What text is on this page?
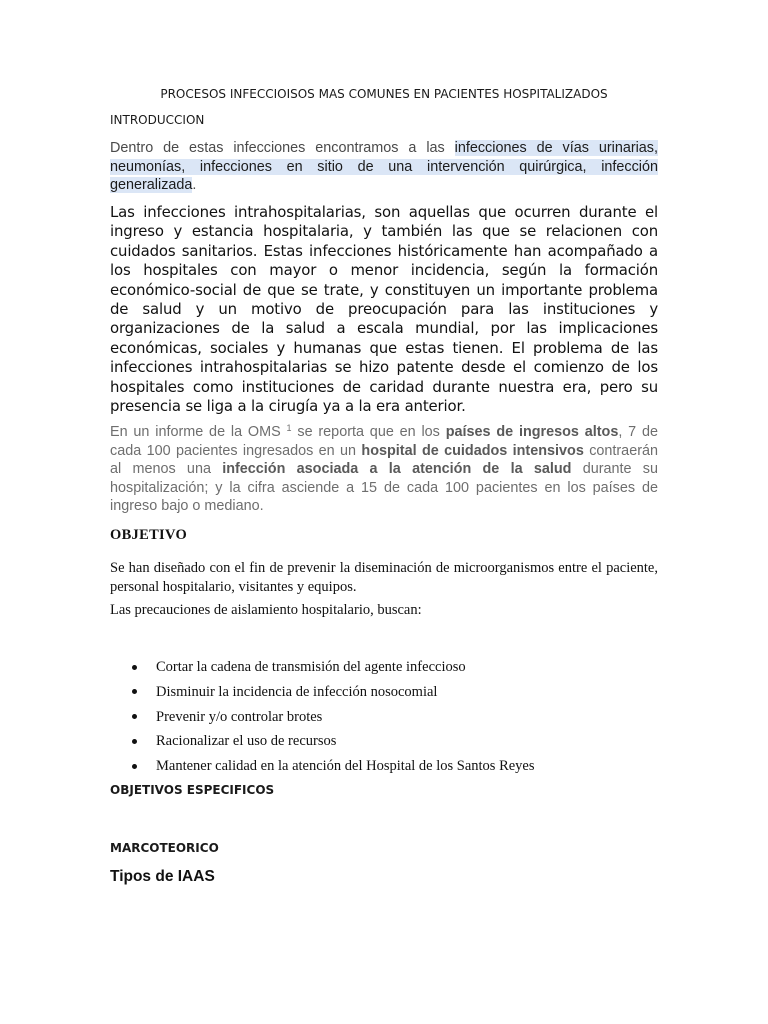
PROCESOS INFECCIOISOS MAS COMUNES EN PACIENTES HOSPITALIZADOS
INTRODUCCION
Dentro de estas infecciones encontramos a las infecciones de vías urinarias, neumonías, infecciones en sitio de una intervención quirúrgica, infección generalizada.
Las infecciones intrahospitalarias, son aquellas que ocurren durante el ingreso y estancia hospitalaria, y también las que se relacionen con cuidados sanitarios. Estas infecciones históricamente han acompañado a los hospitales con mayor o menor incidencia, según la formación económico-social de que se trate, y constituyen un importante problema de salud y un motivo de preocupación para las instituciones y organizaciones de la salud a escala mundial, por las implicaciones económicas, sociales y humanas que estas tienen. El problema de las infecciones intrahospitalarias se hizo patente desde el comienzo de los hospitales como instituciones de caridad durante nuestra era, pero su presencia se liga a la cirugía ya a la era anterior.
En un informe de la OMS $^1$ se reporta que en los países de ingresos altos, 7 de cada 100 pacientes ingresados en un hospital de cuidados intensivos contraerán al menos una infección asociada a la atención de la salud durante su hospitalización; y la cifra asciende a 15 de cada 100 pacientes en los países de ingreso bajo o mediano.
OBJETIVO
Se han diseñado con el fin de prevenir la diseminación de microorganismos entre el paciente, personal hospitalario, visitantes y equipos.
Las precauciones de aislamiento hospitalario, buscan:
Cortar la cadena de transmisión del agente infeccioso
Disminuir la incidencia de infección nosocomial
Prevenir y/o controlar brotes
Racionalizar el uso de recursos
Mantener calidad en la atención del Hospital de los Santos Reyes
OBJETIVOS ESPECIFICOS
MARCOTEORICO
Tipos de IAAS
